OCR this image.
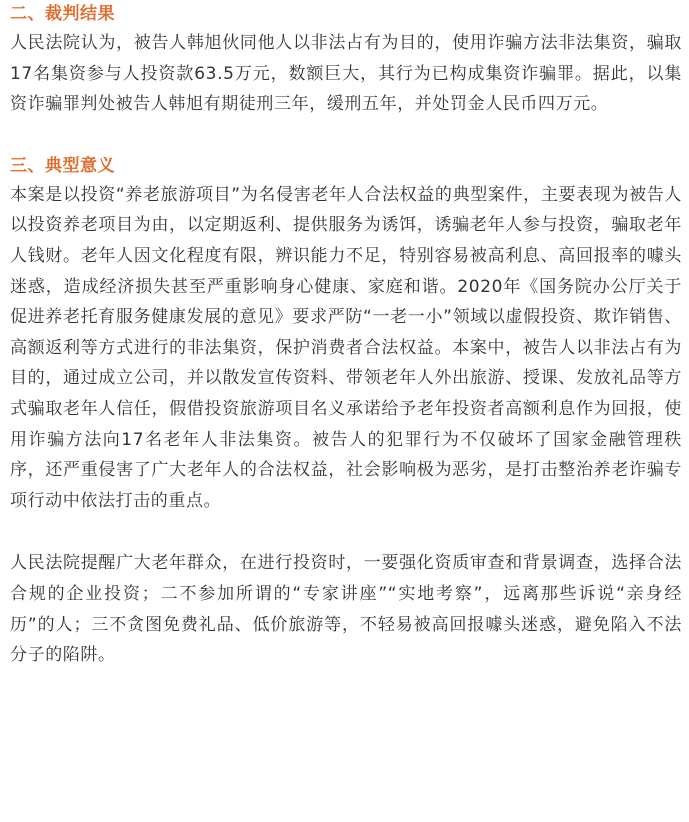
二、裁判结果

人民法院认为，被告人韩旭伙同他人以非法占有为目的，使用诈骗方法非法集资，骗取17名集资参与人投资款63.5万元，数额巨大，其行为已构成集资诈骗罪。据此，以集资诈骗罪判处被告人韩旭有期徒刑三年，缓刑五年，并处罚金人民币四万元。

三、典型意义

本案是以投资“养老旅游项目”为名侵害老年人合法权益的典型案件，主要表现为被告人以投资养老项目为由，以定期返利、提供服务为诱饵，诱骗老年人参与投资，骗取老年人钱财。老年人因文化程度有限，辨识能力不足，特别容易被高利息、高回报率的噱头迷惑，造成经济损失甚至严重影响身心健康、家庭和谐。2020年《国务院办公厅关于促进养老托育服务健康发展的意见》要求严防“一老一小”领域以虚假投资、欺诈销售、高额返利等方式进行的非法集资，保护消费者合法权益。本案中，被告人以非法占有为目的，通过成立公司，并以散发宣传资料、带领老年人外出旅游、授课、发放礼品等方式骗取老年人信任，假借投资旅游项目名义承诺给予老年投资者高额利息作为回报，使用诈骗方法向17名老年人非法集资。被告人的犯罪行为不仅破坏了国家金融管理秩序，还严重侵害了广大老年人的合法权益，社会影响极为恶劣，是打击整治养老诈骗专项行动中依法打击的重点。

人民法院提醒广大老年群众，在进行投资时，一要强化资质审查和背景调查，选择合法合规的企业投资；二不参加所谓的“专家讲座”“实地考察”，远离那些诉说“亲身经历”的人；三不贪图免费礼品、低价旅游等，不轻易被高回报噱头迷惑，避免陷入不法分子的陷阱。
